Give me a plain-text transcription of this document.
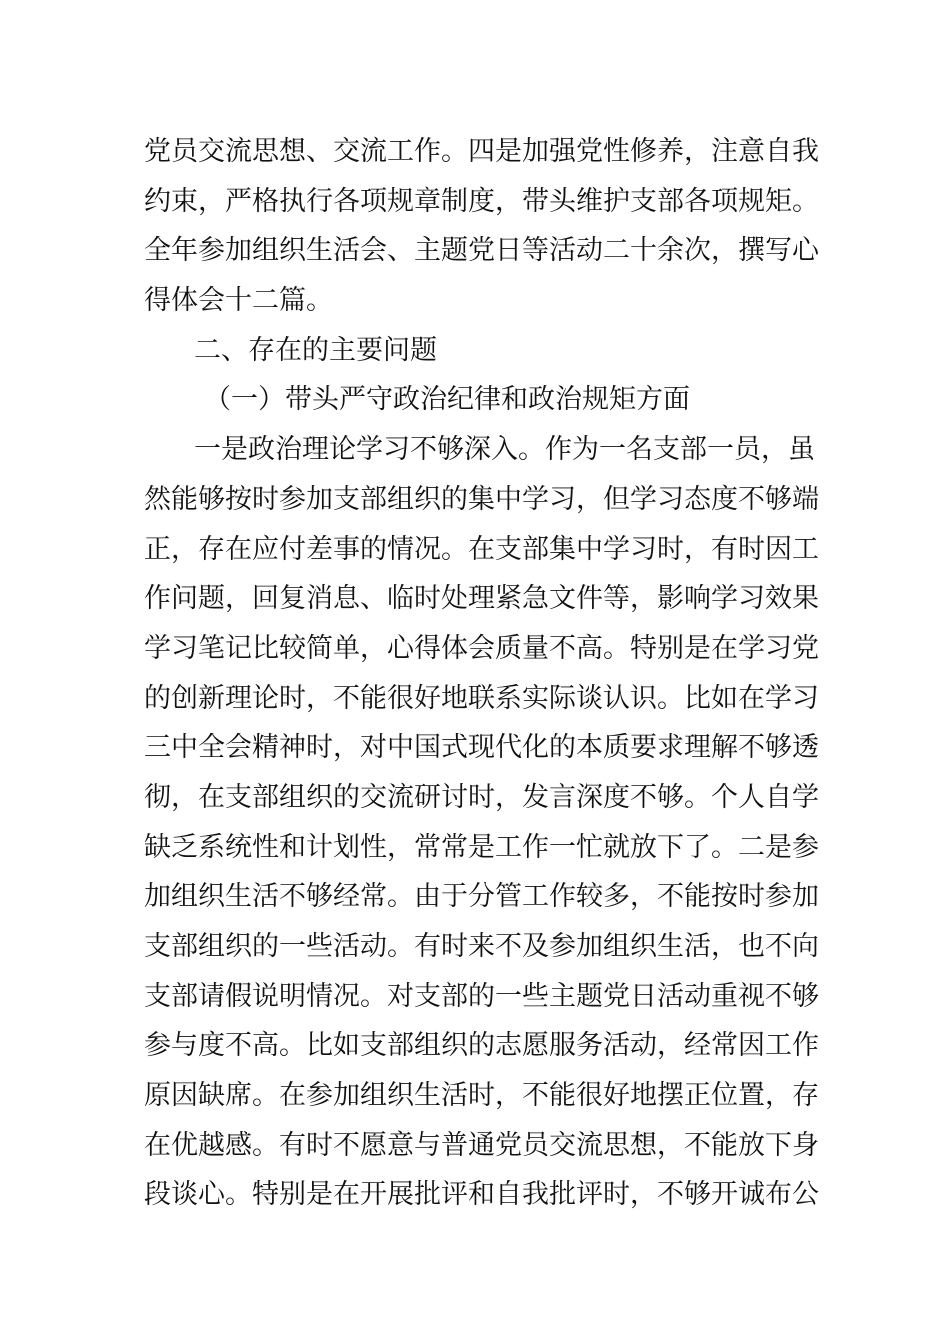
党员交流思想、交流工作。四是加强党性修养，注意自我
约束，严格执行各项规章制度，带头维护支部各项规矩。
全年参加组织生活会、主题党日等活动二十余次，撰写心
得体会十二篇。
二、存在的主要问题
（一）带头严守政治纪律和政治规矩方面
一是政治理论学习不够深入。作为一名支部一员，虽
然能够按时参加支部组织的集中学习，但学习态度不够端
正，存在应付差事的情况。在支部集中学习时，有时因工
作问题，回复消息、临时处理紧急文件等，影响学习效果
学习笔记比较简单，心得体会质量不高。特别是在学习党
的创新理论时，不能很好地联系实际谈认识。比如在学习
三中全会精神时，对中国式现代化的本质要求理解不够透
彻，在支部组织的交流研讨时，发言深度不够。个人自学
缺乏系统性和计划性，常常是工作一忙就放下了。二是参
加组织生活不够经常。由于分管工作较多，不能按时参加
支部组织的一些活动。有时来不及参加组织生活，也不向
支部请假说明情况。对支部的一些主题党日活动重视不够
参与度不高。比如支部组织的志愿服务活动，经常因工作
原因缺席。在参加组织生活时，不能很好地摆正位置，存
在优越感。有时不愿意与普通党员交流思想，不能放下身
段谈心。特别是在开展批评和自我批评时，不够开诚布公
